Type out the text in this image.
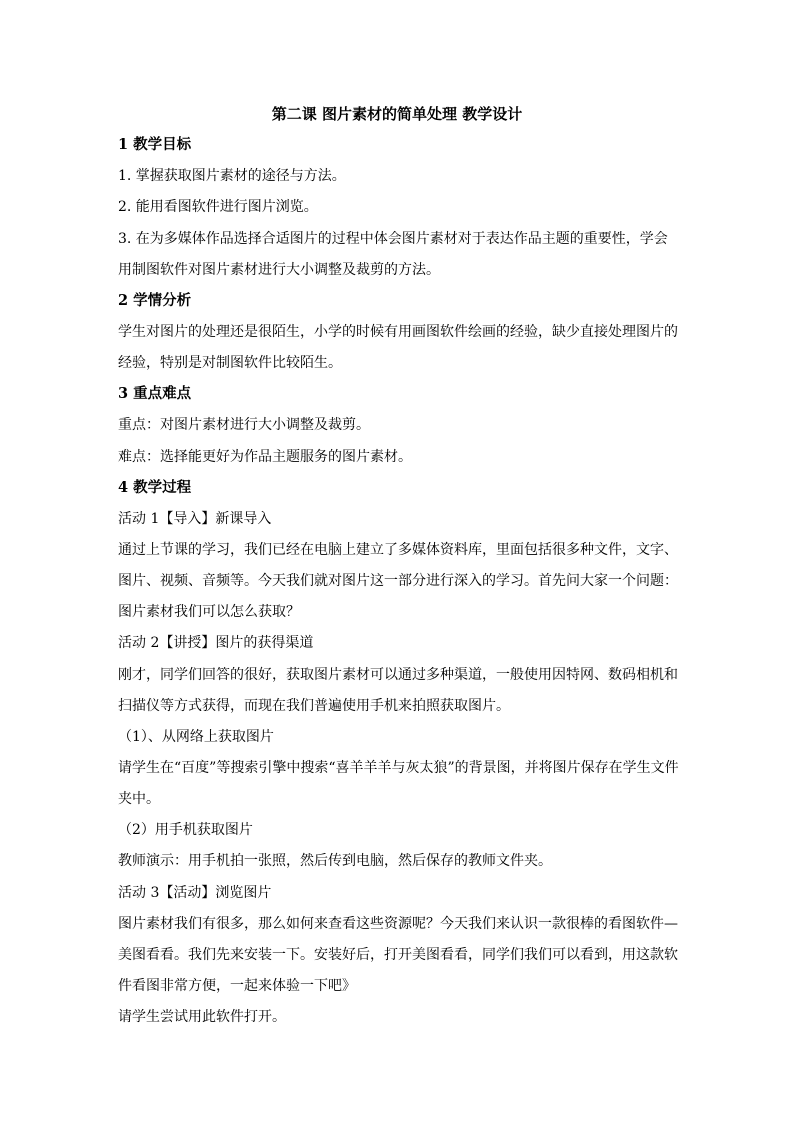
第二课 图片素材的简单处理 教学设计
1 教学目标
1. 掌握获取图片素材的途径与方法。
2. 能用看图软件进行图片浏览。
3. 在为多媒体作品选择合适图片的过程中体会图片素材对于表达作品主题的重要性，学会
用制图软件对图片素材进行大小调整及裁剪的方法。
2 学情分析
学生对图片的处理还是很陌生，小学的时候有用画图软件绘画的经验，缺少直接处理图片的
经验，特别是对制图软件比较陌生。
3 重点难点
重点：对图片素材进行大小调整及裁剪。
难点：选择能更好为作品主题服务的图片素材。
4 教学过程
活动 1【导入】新课导入
通过上节课的学习，我们已经在电脑上建立了多媒体资料库，里面包括很多种文件，文字、
图片、视频、音频等。今天我们就对图片这一部分进行深入的学习。首先问大家一个问题：
图片素材我们可以怎么获取？
活动 2【讲授】图片的获得渠道
刚才，同学们回答的很好，获取图片素材可以通过多种渠道，一般使用因特网、数码相机和
扫描仪等方式获得，而现在我们普遍使用手机来拍照获取图片。
（1）、从网络上获取图片
请学生在“百度”等搜索引擎中搜索“喜羊羊羊与灰太狼”的背景图，并将图片保存在学生文件
夹中。
（2）用手机获取图片
教师演示：用手机拍一张照，然后传到电脑，然后保存的教师文件夹。
活动 3【活动】浏览图片
图片素材我们有很多，那么如何来查看这些资源呢？今天我们来认识一款很棒的看图软件—
美图看看。我们先来安装一下。安装好后，打开美图看看，同学们我们可以看到，用这款软
件看图非常方便，一起来体验一下吧》
请学生尝试用此软件打开。
